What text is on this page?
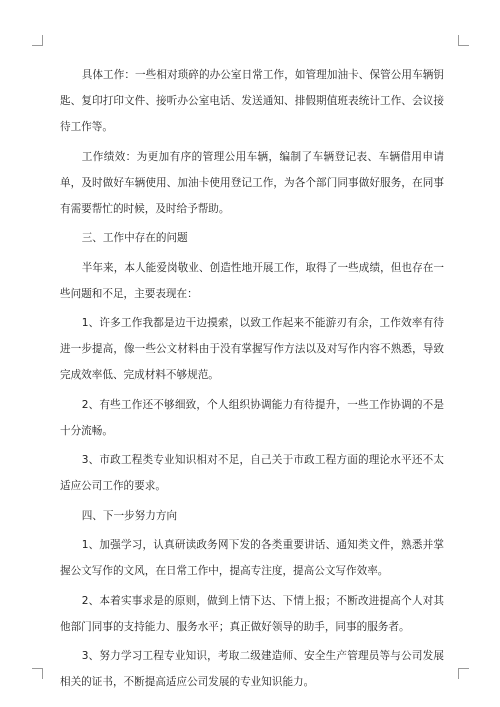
具体工作：一些相对琐碎的办公室日常工作，如管理加油卡、保管公用车辆钥匙、复印打印文件、接听办公室电话、发送通知、排假期值班表统计工作、会议接待工作等。

工作绩效：为更加有序的管理公用车辆，编制了车辆登记表、车辆借用申请单，及时做好车辆使用、加油卡使用登记工作，为各个部门同事做好服务，在同事有需要帮忙的时候，及时给予帮助。

三、工作中存在的问题

半年来，本人能爱岗敬业、创造性地开展工作，取得了一些成绩，但也存在一些问题和不足，主要表现在：

1、许多工作我都是边干边摸索，以致工作起来不能游刃有余，工作效率有待进一步提高，像一些公文材料由于没有掌握写作方法以及对写作内容不熟悉，导致完成效率低、完成材料不够规范。

2、有些工作还不够细致，个人组织协调能力有待提升，一些工作协调的不是十分流畅。

3、市政工程类专业知识相对不足，自己关于市政工程方面的理论水平还不太适应公司工作的要求。

四、下一步努力方向

1、加强学习，认真研读政务网下发的各类重要讲话、通知类文件，熟悉并掌握公文写作的文风，在日常工作中，提高专注度，提高公文写作效率。

2、本着实事求是的原则，做到上情下达、下情上报；不断改进提高个人对其他部门同事的支持能力、服务水平；真正做好领导的助手，同事的服务者。

3、努力学习工程专业知识，考取二级建造师、安全生产管理员等与公司发展相关的证书，不断提高适应公司发展的专业知识能力。
